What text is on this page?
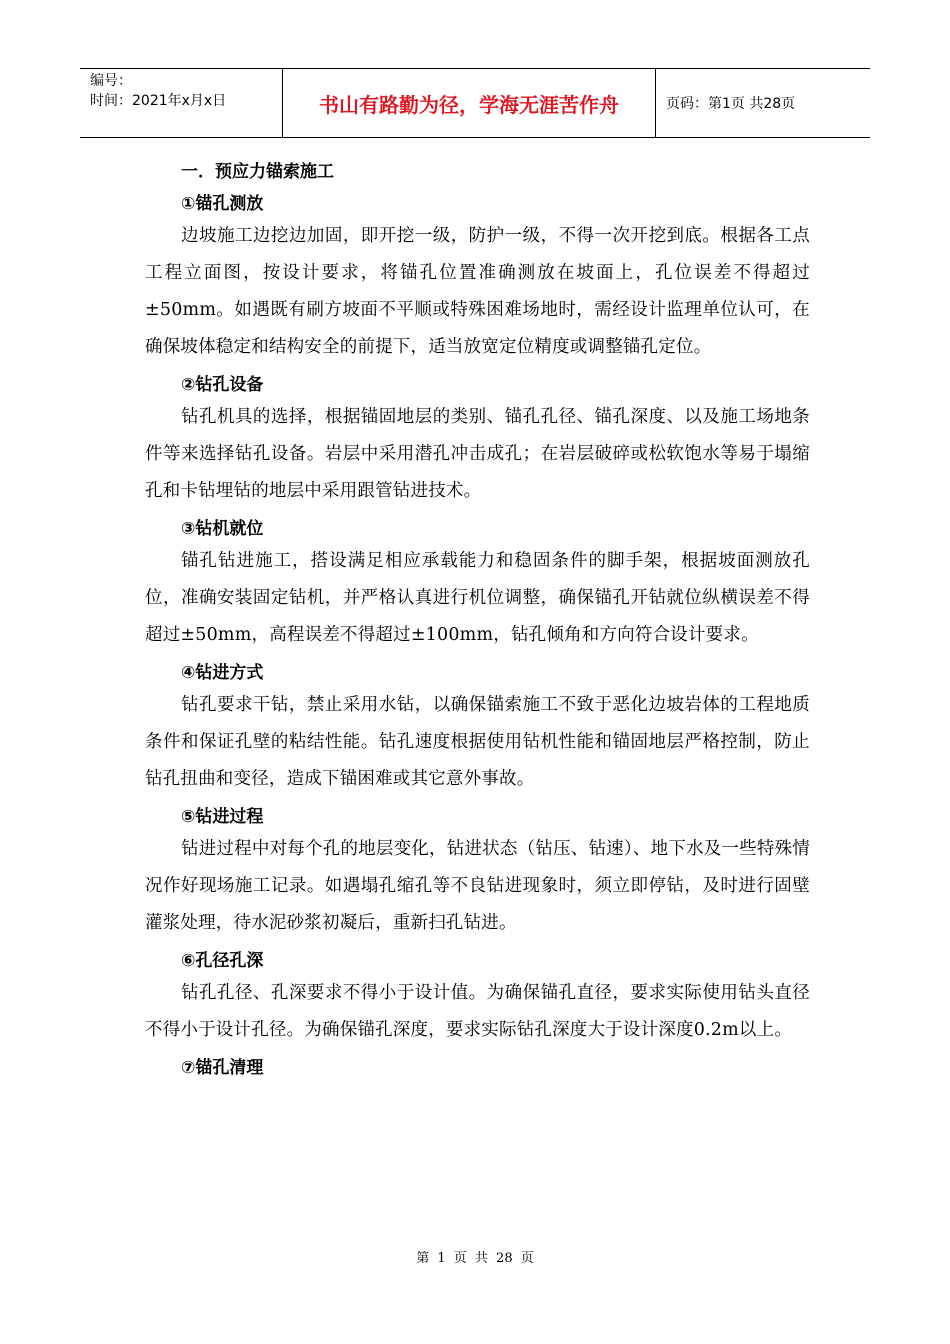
编号：
时间：2021年x月x日	书山有路勤为径，学海无涯苦作舟	页码：第1页 共28页

一．预应力锚索施工

①锚孔测放

边坡施工边挖边加固，即开挖一级，防护一级，不得一次开挖到底。根据各工点工程立面图，按设计要求，将锚孔位置准确测放在坡面上，孔位误差不得超过±50mm。如遇既有刷方坡面不平顺或特殊困难场地时，需经设计监理单位认可，在确保坡体稳定和结构安全的前提下，适当放宽定位精度或调整锚孔定位。

②钻孔设备

钻孔机具的选择，根据锚固地层的类别、锚孔孔径、锚孔深度、以及施工场地条件等来选择钻孔设备。岩层中采用潜孔冲击成孔；在岩层破碎或松软饱水等易于塌缩孔和卡钻埋钻的地层中采用跟管钻进技术。

③钻机就位

锚孔钻进施工，搭设满足相应承载能力和稳固条件的脚手架，根据坡面测放孔位，准确安装固定钻机，并严格认真进行机位调整，确保锚孔开钻就位纵横误差不得超过±50mm，高程误差不得超过±100mm，钻孔倾角和方向符合设计要求。

④钻进方式

钻孔要求干钻，禁止采用水钻，以确保锚索施工不致于恶化边坡岩体的工程地质条件和保证孔壁的粘结性能。钻孔速度根据使用钻机性能和锚固地层严格控制，防止钻孔扭曲和变径，造成下锚困难或其它意外事故。

⑤钻进过程

钻进过程中对每个孔的地层变化，钻进状态（钻压、钻速）、地下水及一些特殊情况作好现场施工记录。如遇塌孔缩孔等不良钻进现象时，须立即停钻，及时进行固壁灌浆处理，待水泥砂浆初凝后，重新扫孔钻进。

⑥孔径孔深

钻孔孔径、孔深要求不得小于设计值。为确保锚孔直径，要求实际使用钻头直径不得小于设计孔径。为确保锚孔深度，要求实际钻孔深度大于设计深度0.2m以上。

⑦锚孔清理

第 1 页 共 28 页
